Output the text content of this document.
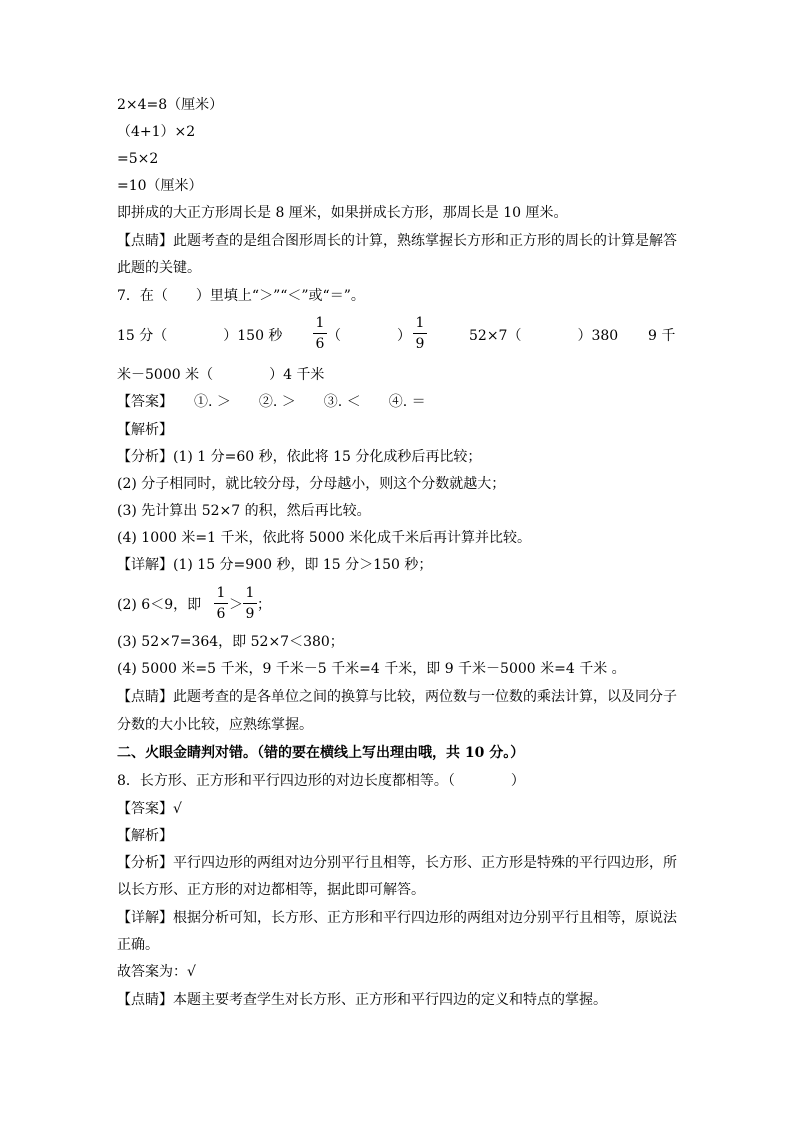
2×4=8（厘米）
（4+1）×2
=5×2
=10（厘米）
即拼成的大正方形周长是 8 厘米，如果拼成长方形，那周长是 10 厘米。
【点睛】此题考查的是组合图形周长的计算，熟练掌握长方形和正方形的周长的计算是解答
此题的关键。
7．在（　　）里填上“＞”“＜”或“＝”。
15 分（　　　　）150 秒
1
6 （　　　　）
1
9	52×7（　　　　）380 9 千
米－5000 米（　　　　）4 千米
【答案】　　①. ＞　　②. ＞　　③. ＜　　④. ＝
【解析】
【分析】(1) 1 分=60 秒，依此将 15 分化成秒后再比较；
(2) 分子相同时，就比较分母，分母越小，则这个分数就越大；
(3) 先计算出 52×7 的积，然后再比较。
(4) 1000 米=1 千米，依此将 5000 米化成千米后再计算并比较。
【详解】(1) 15 分=900 秒，即 15 分＞150 秒；
(2) 6＜9，即
1
6
＞
1
9
；
(3) 52×7=364，即 52×7＜380；
(4) 5000 米=5 千米，9 千米－5 千米=4 千米，即 9 千米－5000 米=4 千米 。
【点睛】此题考查的是各单位之间的换算与比较，两位数与一位数的乘法计算，以及同分子
分数的大小比较，应熟练掌握。
二、火眼金睛判对错。（错的要在横线上写出理由哦，共 10 分。）
8．长方形、正方形和平行四边形的对边长度都相等。（　　　　）
【答案】√
【解析】
【分析】平行四边形的两组对边分别平行且相等，长方形、正方形是特殊的平行四边形，所
以长方形、正方形的对边都相等，据此即可解答。
【详解】根据分析可知，长方形、正方形和平行四边形的两组对边分别平行且相等，原说法
正确。
故答案为：√
【点睛】本题主要考查学生对长方形、正方形和平行四边的定义和特点的掌握。
